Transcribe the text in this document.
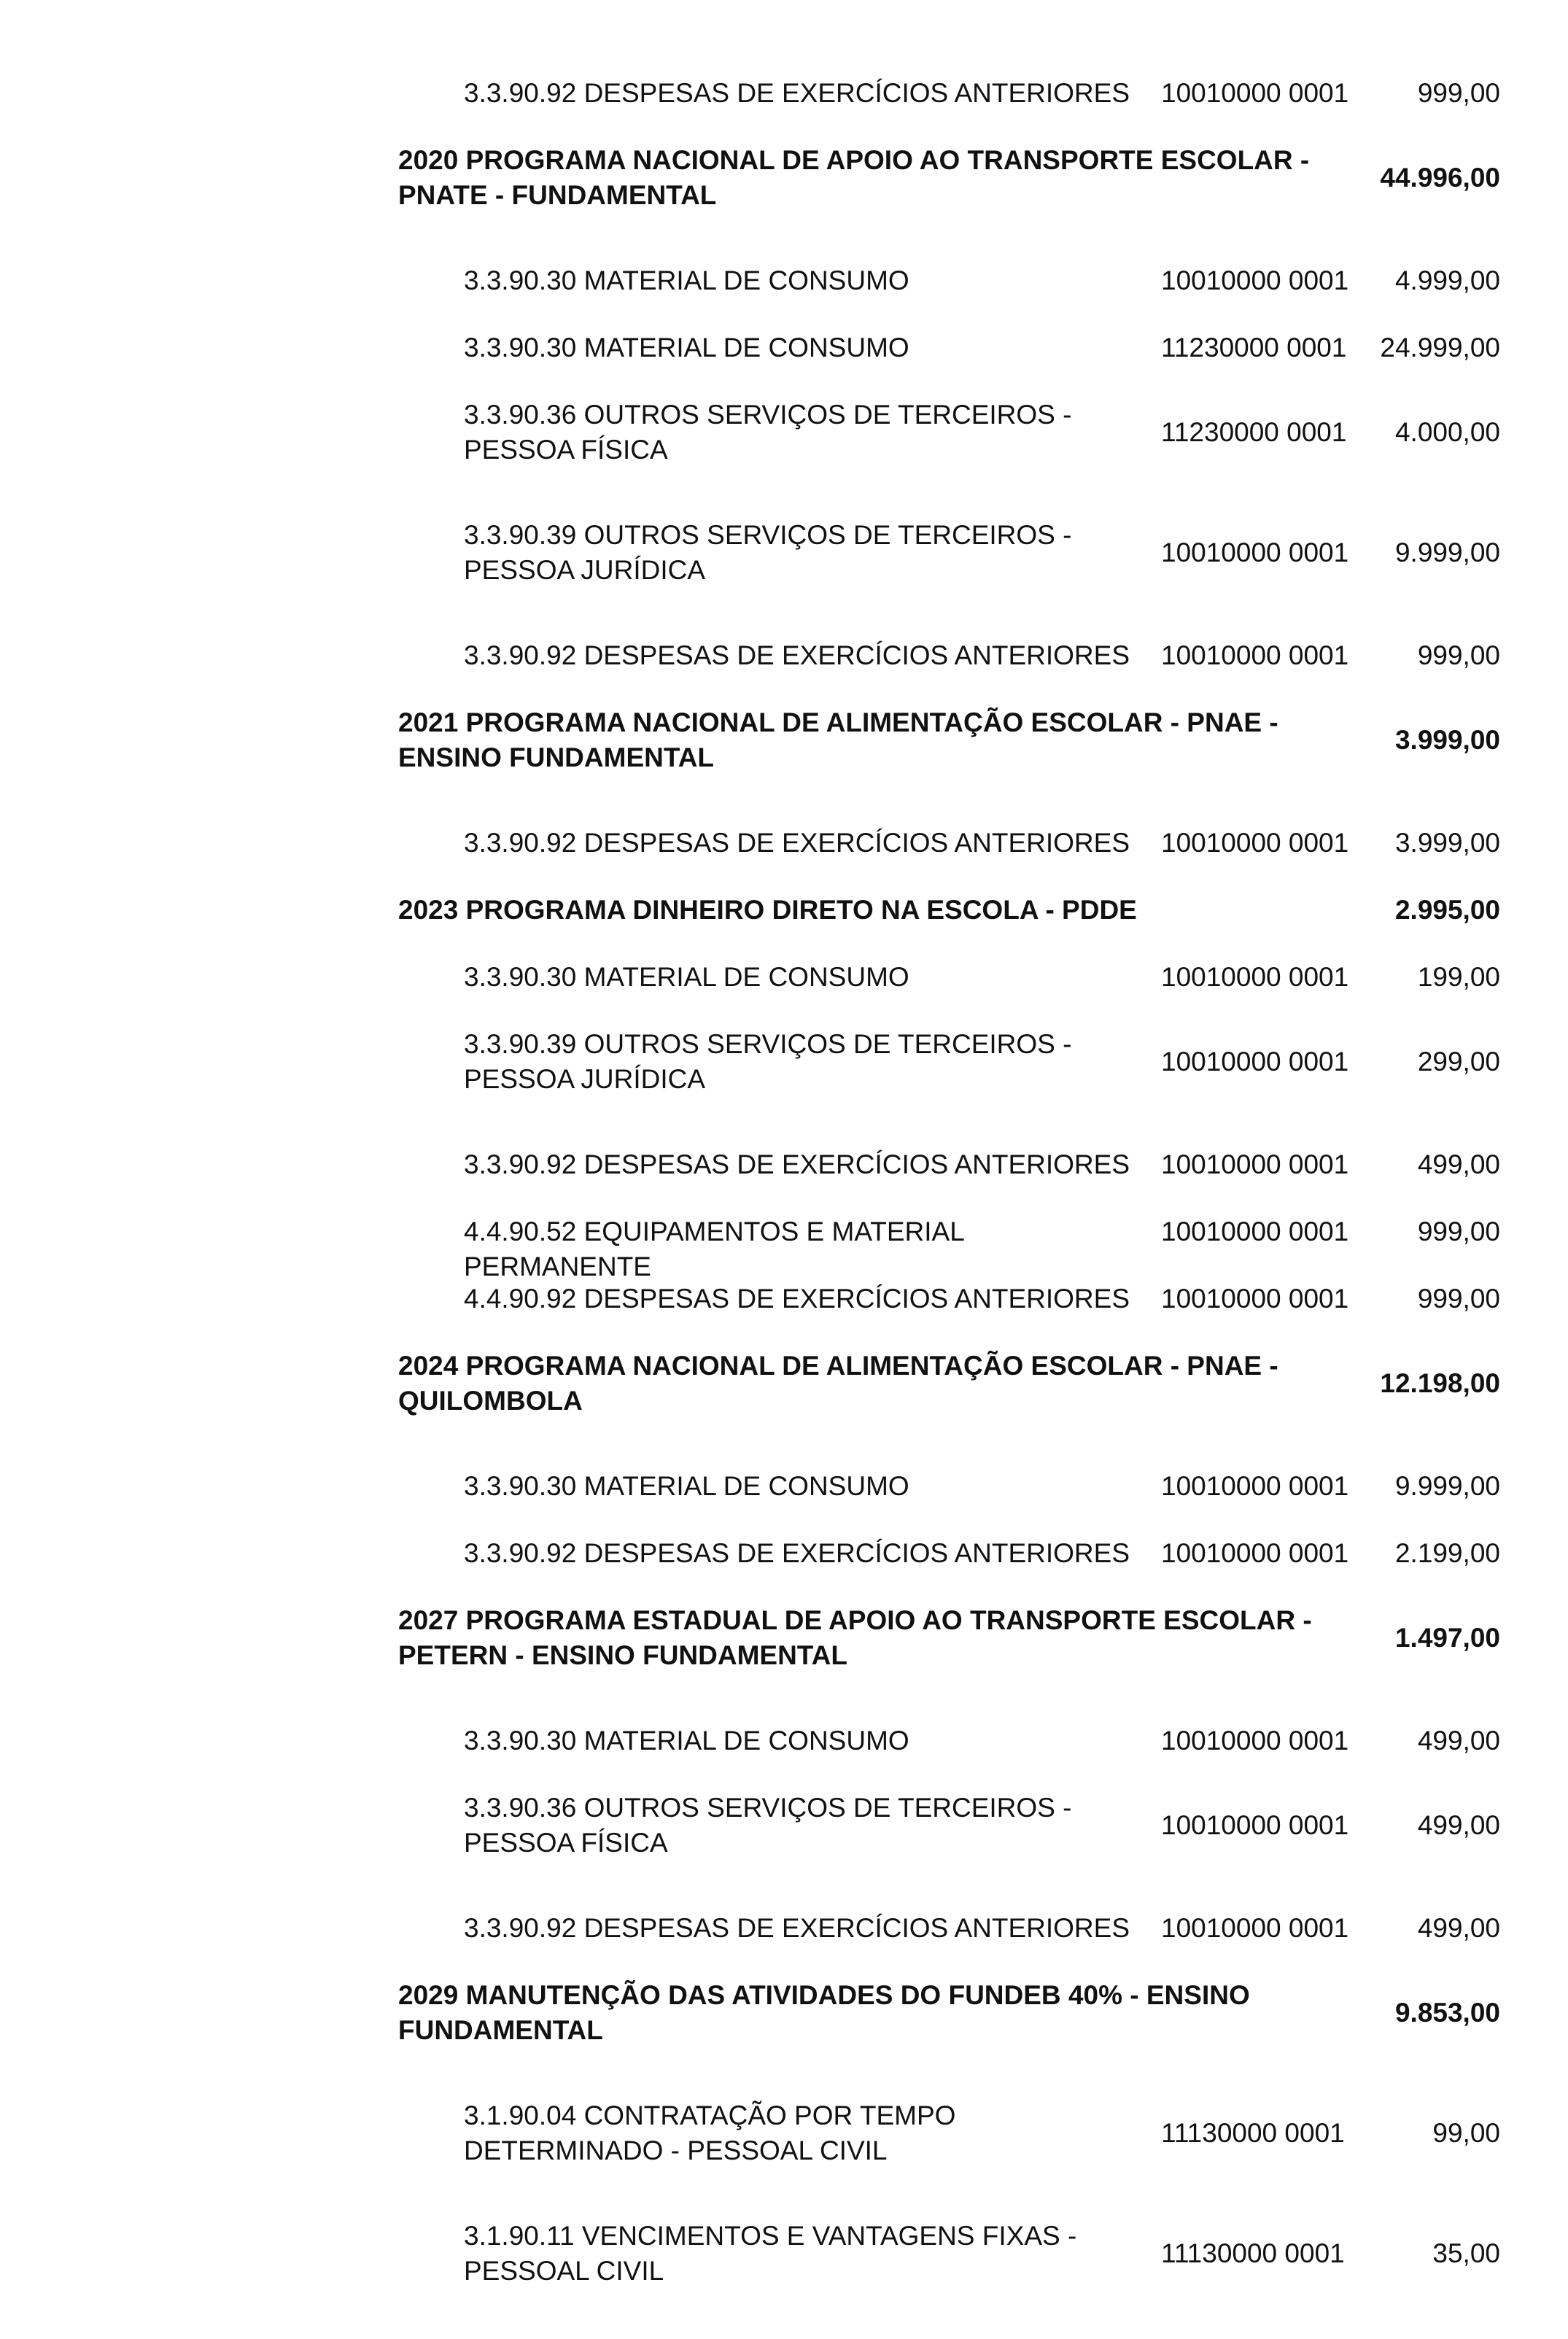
3.3.90.92 DESPESAS DE EXERCÍCIOS ANTERIORES	10010000 0001	999,00
2020 PROGRAMA NACIONAL DE APOIO AO TRANSPORTE ESCOLAR -
PNATE - FUNDAMENTAL
44.996,00
3.3.90.30 MATERIAL DE CONSUMO	10010000 0001	4.999,00
3.3.90.30 MATERIAL DE CONSUMO	11230000 0001	24.999,00
3.3.90.36 OUTROS SERVIÇOS DE TERCEIROS -
PESSOA FÍSICA
11230000 0001	4.000,00
3.3.90.39 OUTROS SERVIÇOS DE TERCEIROS -
PESSOA JURÍDICA
10010000 0001	9.999,00
3.3.90.92 DESPESAS DE EXERCÍCIOS ANTERIORES	10010000 0001	999,00
2021 PROGRAMA NACIONAL DE ALIMENTAÇÃO ESCOLAR - PNAE -
ENSINO FUNDAMENTAL
3.999,00
3.3.90.92 DESPESAS DE EXERCÍCIOS ANTERIORES	10010000 0001	3.999,00
2023 PROGRAMA DINHEIRO DIRETO NA ESCOLA - PDDE	2.995,00
3.3.90.30 MATERIAL DE CONSUMO	10010000 0001	199,00
3.3.90.39 OUTROS SERVIÇOS DE TERCEIROS -
PESSOA JURÍDICA
10010000 0001	299,00
3.3.90.92 DESPESAS DE EXERCÍCIOS ANTERIORES	10010000 0001	499,00
4.4.90.52 EQUIPAMENTOS E MATERIAL PERMANENTE
10010000 0001	999,00
4.4.90.92 DESPESAS DE EXERCÍCIOS ANTERIORES	10010000 0001	999,00
2024 PROGRAMA NACIONAL DE ALIMENTAÇÃO ESCOLAR - PNAE -
QUILOMBOLA
12.198,00
3.3.90.30 MATERIAL DE CONSUMO	10010000 0001	9.999,00
3.3.90.92 DESPESAS DE EXERCÍCIOS ANTERIORES	10010000 0001	2.199,00
2027 PROGRAMA ESTADUAL DE APOIO AO TRANSPORTE ESCOLAR -
PETERN - ENSINO FUNDAMENTAL
1.497,00
3.3.90.30 MATERIAL DE CONSUMO	10010000 0001	499,00
3.3.90.36 OUTROS SERVIÇOS DE TERCEIROS -
PESSOA FÍSICA
10010000 0001	499,00
3.3.90.92 DESPESAS DE EXERCÍCIOS ANTERIORES	10010000 0001	499,00
2029 MANUTENÇÃO DAS ATIVIDADES DO FUNDEB 40% - ENSINO
FUNDAMENTAL
9.853,00
3.1.90.04 CONTRATAÇÃO POR TEMPO
DETERMINADO - PESSOAL CIVIL
11130000 0001	99,00
3.1.90.11 VENCIMENTOS E VANTAGENS FIXAS -
PESSOAL CIVIL
11130000 0001	35,00
